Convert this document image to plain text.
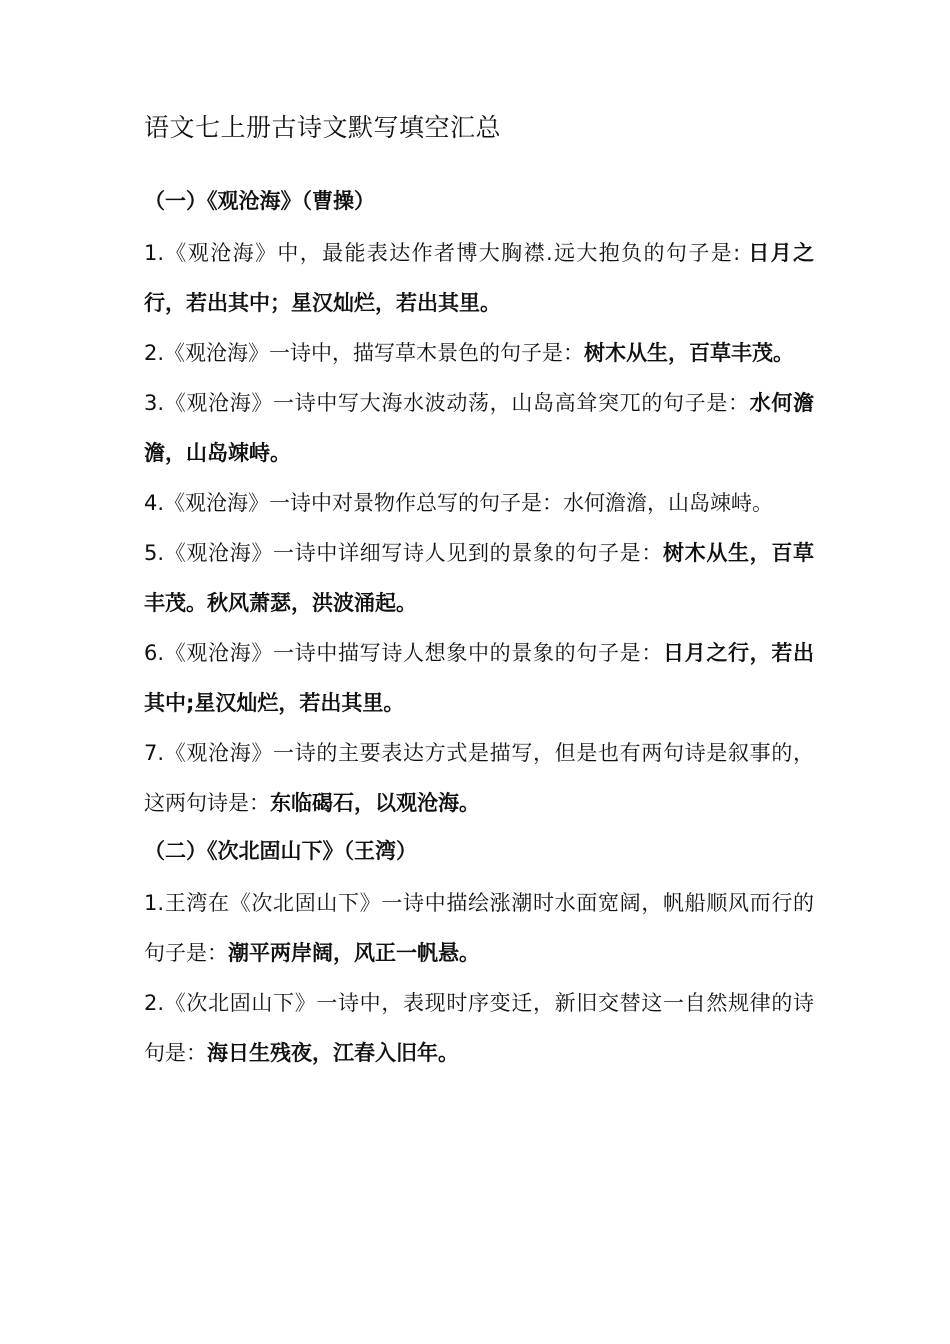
语文七上册古诗文默写填空汇总
（一）《观沧海》（曹操）

1.《观沧海》中，最能表达作者博大胸襟.远大抱负的句子是: 日月之行，若出其中；星汉灿烂，若出其里。

2.《观沧海》一诗中，描写草木景色的句子是：树木从生，百草丰茂。

3.《观沧海》一诗中写大海水波动荡，山岛高耸突兀的句子是：水何澹澹，山岛竦峙。

4.《观沧海》一诗中对景物作总写的句子是：水何澹澹，山岛竦峙。

5.《观沧海》一诗中详细写诗人见到的景象的句子是：树木从生，百草丰茂。秋风萧瑟，洪波涌起。

6.《观沧海》一诗中描写诗人想象中的景象的句子是：日月之行，若出其中;星汉灿烂，若出其里。

7.《观沧海》一诗的主要表达方式是描写，但是也有两句诗是叙事的，这两句诗是：东临碣石，以观沧海。

（二）《次北固山下》（王湾）

1.王湾在《次北固山下》一诗中描绘涨潮时水面宽阔，帆船顺风而行的句子是：潮平两岸阔，风正一帆悬。

2.《次北固山下》一诗中，表现时序变迁，新旧交替这一自然规律的诗句是：海日生残夜，江春入旧年。
